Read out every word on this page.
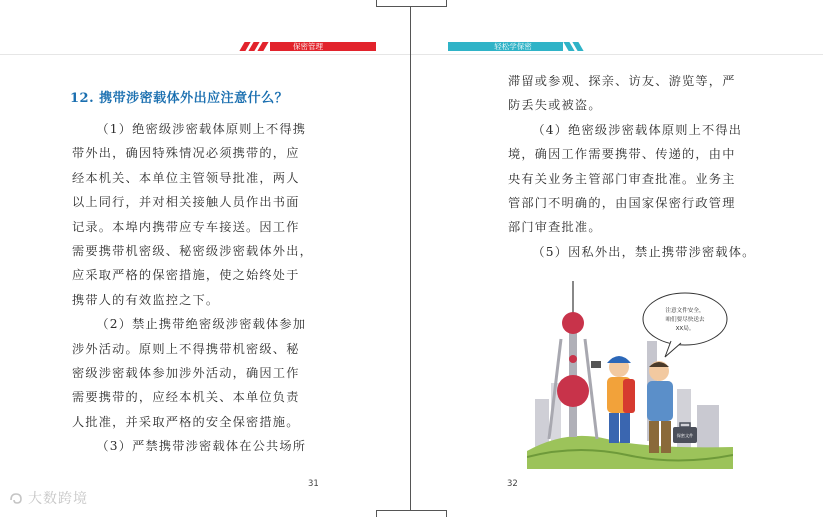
保密管理	轻松学保密
12. 携带涉密载体外出应注意什么？

（1）绝密级涉密载体原则上不得携

带外出，确因特殊情况必须携带的，应

经本机关、本单位主管领导批准，两人

以上同行，并对相关接触人员作出书面

记录。本埠内携带应专车接送。因工作

需要携带机密级、秘密级涉密载体外出，

应采取严格的保密措施，使之始终处于

携带人的有效监控之下。

（2）禁止携带绝密级涉密载体参加

涉外活动。原则上不得携带机密级、秘

密级涉密载体参加涉外活动，确因工作

需要携带的，应经本机关、本单位负责

人批准，并采取严格的安全保密措施。

（3）严禁携带涉密载体在公共场所

31

滞留或参观、探亲、访友、游览等，严

防丢失或被盗。

（4）绝密级涉密载体原则上不得出

境，确因工作需要携带、传递的，由中

央有关业务主管部门审查批准。业务主

管部门不明确的，由国家保密行政管理

部门审查批准。

（5）因私外出，禁止携带涉密载体。

注意文件安全，
咱们要尽快送去
XX局。
保密文件
32
大数跨境
